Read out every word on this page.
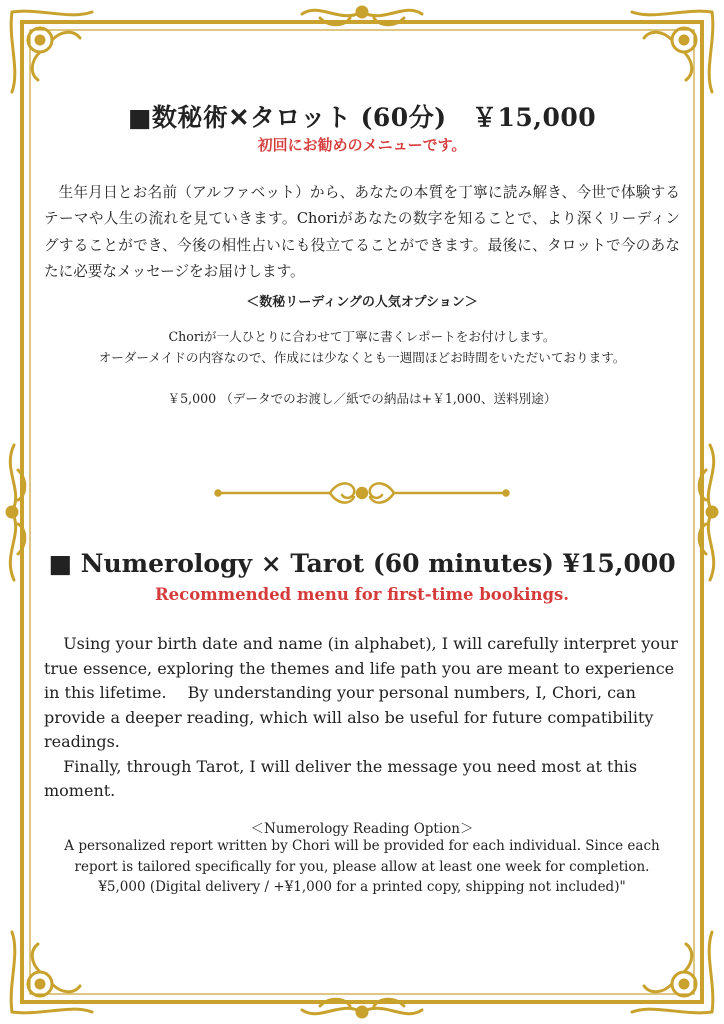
■数秘術✕タロット (60分)　￥15,000
初回にお勧めのメニューです。
生年月日とお名前（アルファベット）から、あなたの本質を丁寧に読み解き、今世で体験するテーマや人生の流れを見ていきます。Choriがあなたの数字を知ることで、より深くリーディングすることができ、今後の相性占いにも役立てることができます。最後に、タロットで今のあなたに必要なメッセージをお届けします。
＜数秘リーディングの人気オプション＞
Choriが一人ひとりに合わせて丁寧に書くレポートをお付けします。
オーダーメイドの内容なので、作成には少なくとも一週間ほどお時間をいただいております。
￥5,000 （データでのお渡し／紙での納品は+￥1,000、送料別途）
■ Numerology × Tarot (60 minutes) ¥15,000
Recommended menu for first-time bookings.

Using your birth date and name (in alphabet), I will carefully interpret your true essence, exploring the themes and life path you are meant to experience in this lifetime.　 By understanding your personal numbers, I, Chori, can provide a deeper reading, which will also be useful for future compatibility readings.

Finally, through Tarot, I will deliver the message you need most at this moment.

＜Numerology Reading Option＞
A personalized report written by Chori will be provided for each individual. Since each
report is tailored specifically for you, please allow at least one week for completion.
¥5,000 (Digital delivery / +¥1,000 for a printed copy, shipping not included)"
